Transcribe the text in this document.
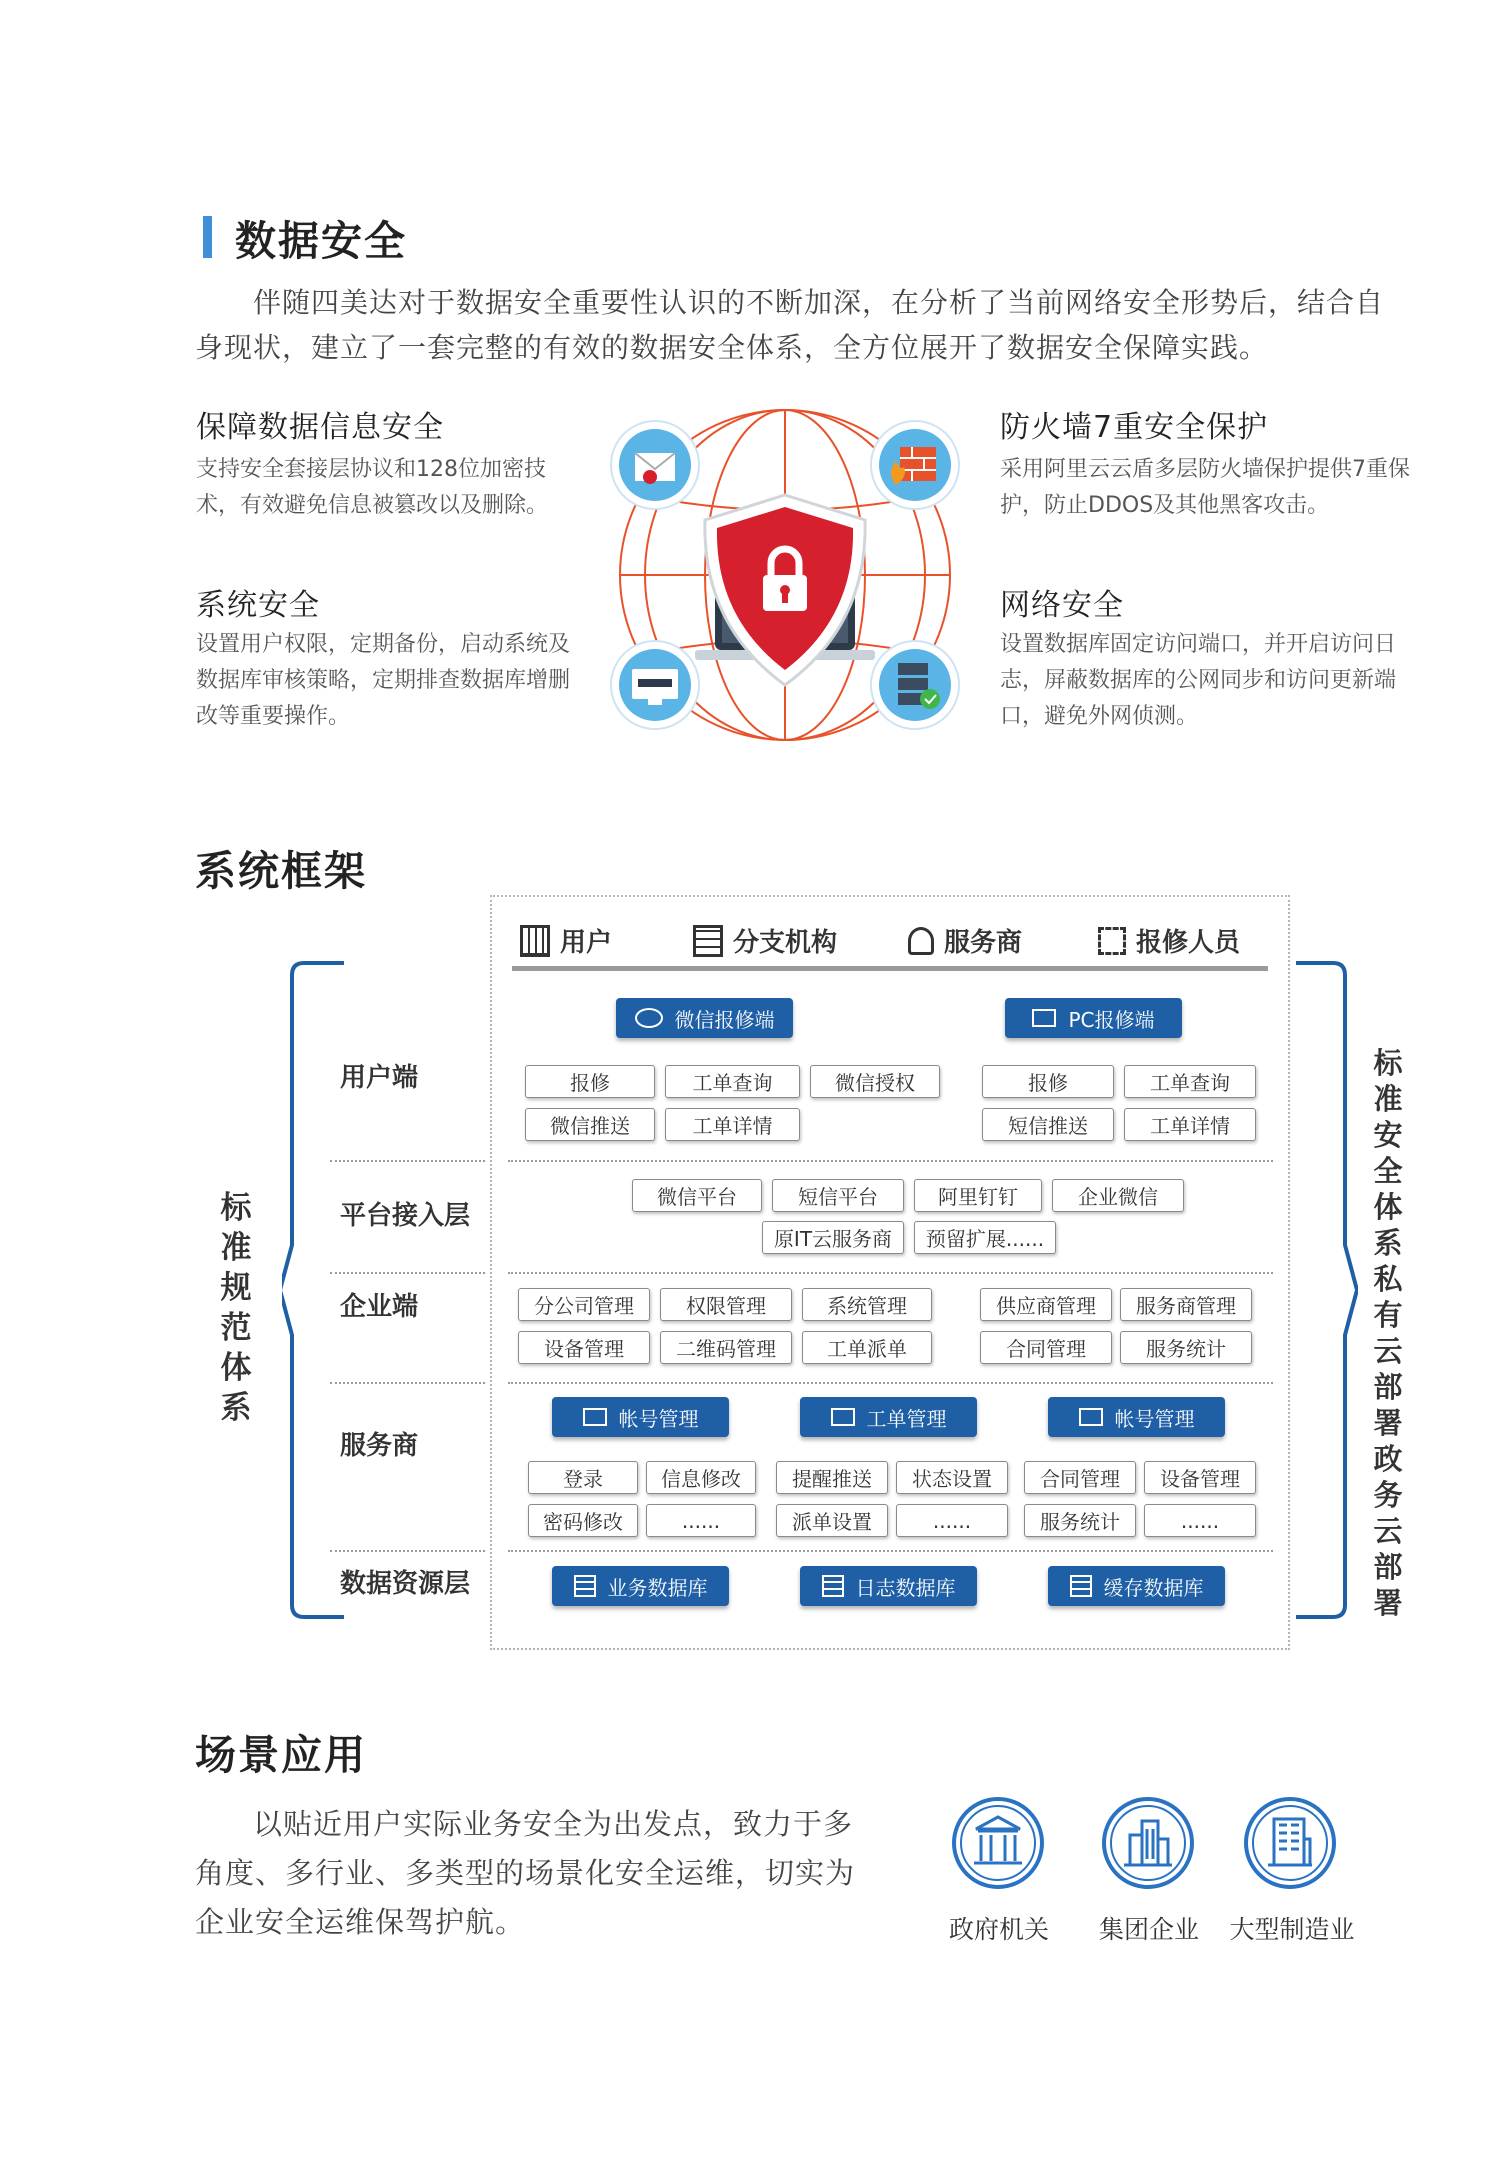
数据安全
伴随四美达对于数据安全重要性认识的不断加深，在分析了当前网络安全形势后，结合自身现状，建立了一套完整的有效的数据安全体系，全方位展开了数据安全保障实践。
保障数据信息安全
支持安全套接层协议和128位加密技术，有效避免信息被篡改以及删除。
防火墙7重安全保护
采用阿里云云盾多层防火墙保护提供7重保护，防止DDOS及其他黑客攻击。
系统安全
设置用户权限，定期备份，启动系统及数据库审核策略，定期排查数据库增删改等重要操作。
网络安全
设置数据库固定访问端口，并开启访问日志，屏蔽数据库的公网同步和访问更新端口，避免外网侦测。
系统框架
用户	分支机构	服务商	报修人员
标准规范体系
标准安全体系 私有云部署 政务云部署
用户端
平台接入层
企业端
服务商
数据资源层
微信报修端	PC报修端
报修	工单查询	微信授权
微信推送	工单详情
报修	工单查询
短信推送	工单详情
微信平台	短信平台	阿里钉钉	企业微信
原IT云服务商	预留扩展......
分公司管理	权限管理	系统管理	供应商管理	服务商管理
设备管理	二维码管理	工单派单	合同管理	服务统计
帐号管理	工单管理	帐号管理
登录	信息修改	提醒推送	状态设置	合同管理	设备管理
密码修改	......	派单设置	......	服务统计	......
业务数据库	日志数据库	缓存数据库
场景应用
以贴近用户实际业务安全为出发点，致力于多角度、多行业、多类型的场景化安全运维，切实为企业安全运维保驾护航。	政府机关	集团企业	大型制造业
